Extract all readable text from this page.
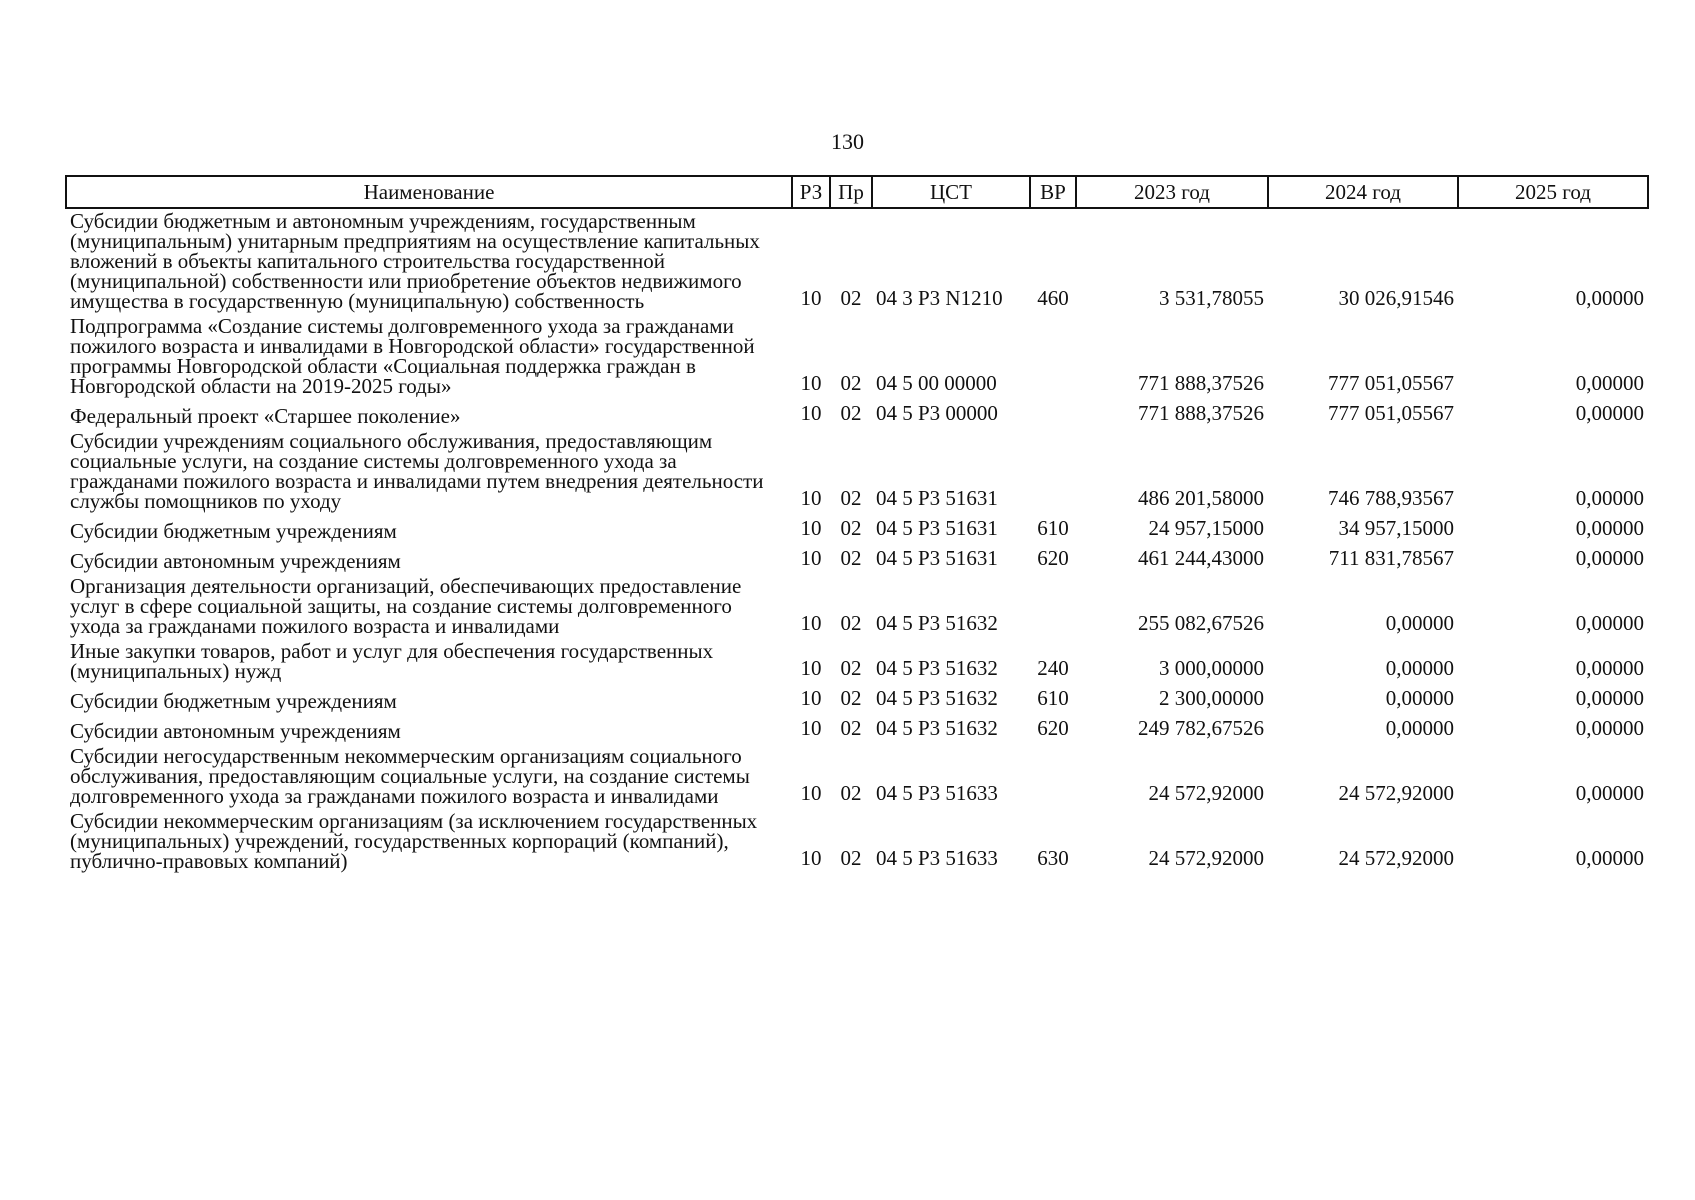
130
Наименование	РЗ	Пр	ЦСТ	ВР	2023 год	2024 год	2025 год
Субсидии бюджетным и автономным учреждениям, государственным (муниципальным) унитарным предприятиям на осуществление капитальных вложений в объекты капитального строительства государственной (муниципальной) собственности или приобретение объектов недвижимого имущества в государственную (муниципальную) собственность	10	02	04 3 Р3 N1210	460	3 531,78055	30 026,91546	0,00000
Подпрограмма «Создание системы долговременного ухода за гражданами пожилого возраста и инвалидами в Новгородской области» государственной программы Новгородской области «Социальная поддержка граждан в Новгородской области на 2019-2025 годы»	10	02	04 5 00 00000		771 888,37526	777 051,05567	0,00000
Федеральный проект «Старшее поколение»	10	02	04 5 Р3 00000		771 888,37526	777 051,05567	0,00000
Субсидии учреждениям социального обслуживания, предоставляющим социальные услуги, на создание системы долговременного ухода за гражданами пожилого возраста и инвалидами путем внедрения деятельности службы помощников по уходу	10	02	04 5 Р3 51631		486 201,58000	746 788,93567	0,00000
Субсидии бюджетным учреждениям	10	02	04 5 Р3 51631	610	24 957,15000	34 957,15000	0,00000
Субсидии автономным учреждениям	10	02	04 5 Р3 51631	620	461 244,43000	711 831,78567	0,00000
Организация деятельности организаций, обеспечивающих предоставление услуг в сфере социальной защиты, на создание системы долговременного ухода за гражданами пожилого возраста и инвалидами	10	02	04 5 Р3 51632		255 082,67526	0,00000	0,00000
Иные закупки товаров, работ и услуг для обеспечения государственных (муниципальных) нужд	10	02	04 5 Р3 51632	240	3 000,00000	0,00000	0,00000
Субсидии бюджетным учреждениям	10	02	04 5 Р3 51632	610	2 300,00000	0,00000	0,00000
Субсидии автономным учреждениям	10	02	04 5 Р3 51632	620	249 782,67526	0,00000	0,00000
Субсидии негосударственным некоммерческим организациям социального обслуживания, предоставляющим социальные услуги, на создание системы долговременного ухода за гражданами пожилого возраста и инвалидами	10	02	04 5 Р3 51633		24 572,92000	24 572,92000	0,00000
Субсидии некоммерческим организациям (за исключением государственных (муниципальных) учреждений, государственных корпораций (компаний), публично-правовых компаний)	10	02	04 5 Р3 51633	630	24 572,92000	24 572,92000	0,00000
